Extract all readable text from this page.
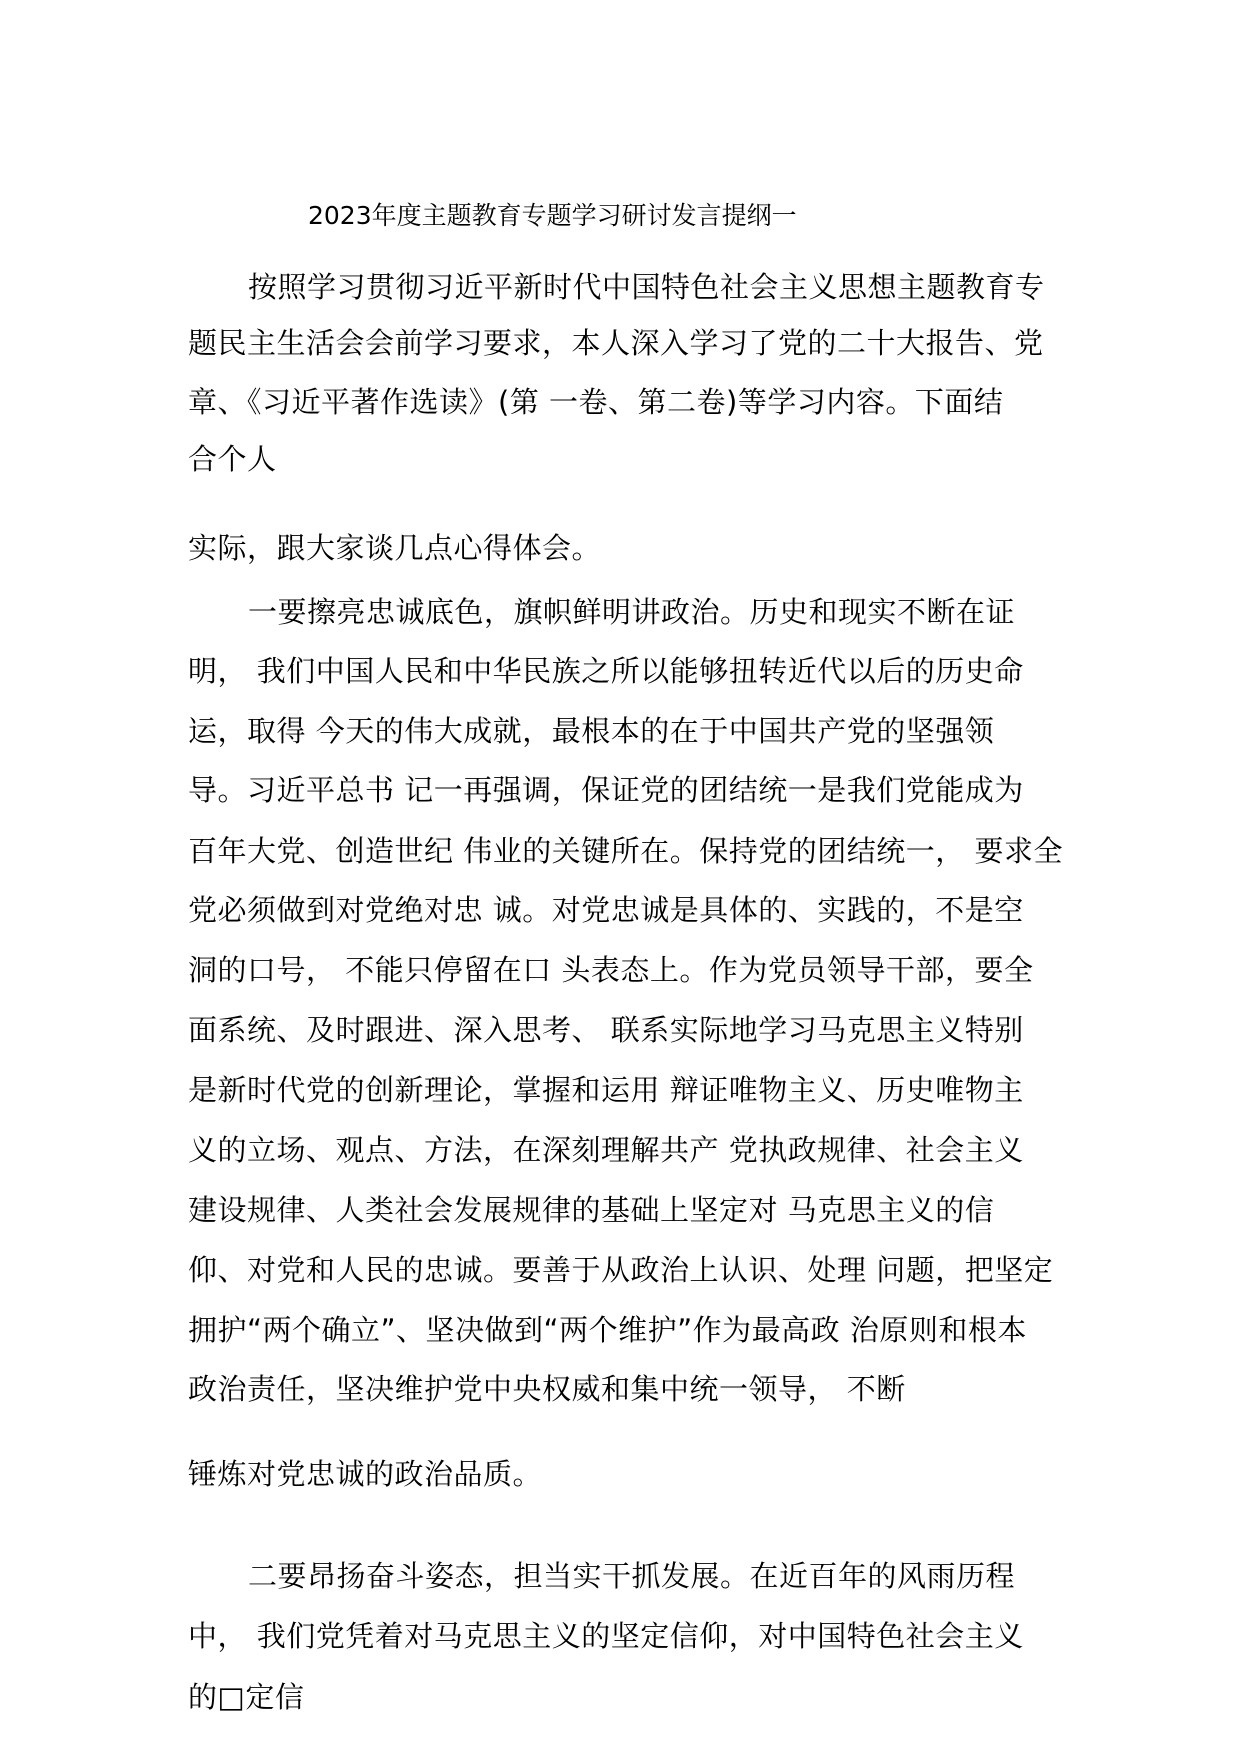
2023年度主题教育专题学习研讨发言提纲一
按照学习贯彻习近平新时代中国特色社会主义思想主题教育专
题民主生活会会前学习要求，本人深入学习了党的二十大报告、党
章、《习近平著作选读》(第 一卷、第二卷)等学习内容。下面结
合个人
实际，跟大家谈几点心得体会。
一要擦亮忠诚底色，旗帜鲜明讲政治。历史和现实不断在证
明， 我们中国人民和中华民族之所以能够扭转近代以后的历史命
运，取得 今天的伟大成就，最根本的在于中国共产党的坚强领
导。习近平总书 记一再强调，保证党的团结统一是我们党能成为
百年大党、创造世纪 伟业的关键所在。保持党的团结统一， 要求全
党必须做到对党绝对忠 诚。对党忠诚是具体的、实践的，不是空
洞的口号， 不能只停留在口 头表态上。作为党员领导干部，要全
面系统、及时跟进、深入思考、 联系实际地学习马克思主义特别
是新时代党的创新理论，掌握和运用 辩证唯物主义、历史唯物主
义的立场、观点、方法，在深刻理解共产 党执政规律、社会主义
建设规律、人类社会发展规律的基础上坚定对 马克思主义的信
仰、对党和人民的忠诚。要善于从政治上认识、处理 问题，把坚定
拥护“两个确立”、坚决做到“两个维护”作为最高政 治原则和根本
政治责任，坚决维护党中央权威和集中统一领导， 不断
锤炼对党忠诚的政治品质。
二要昂扬奋斗姿态，担当实干抓发展。在近百年的风雨历程
中， 我们党凭着对马克思主义的坚定信仰，对中国特色社会主义
的□定信
